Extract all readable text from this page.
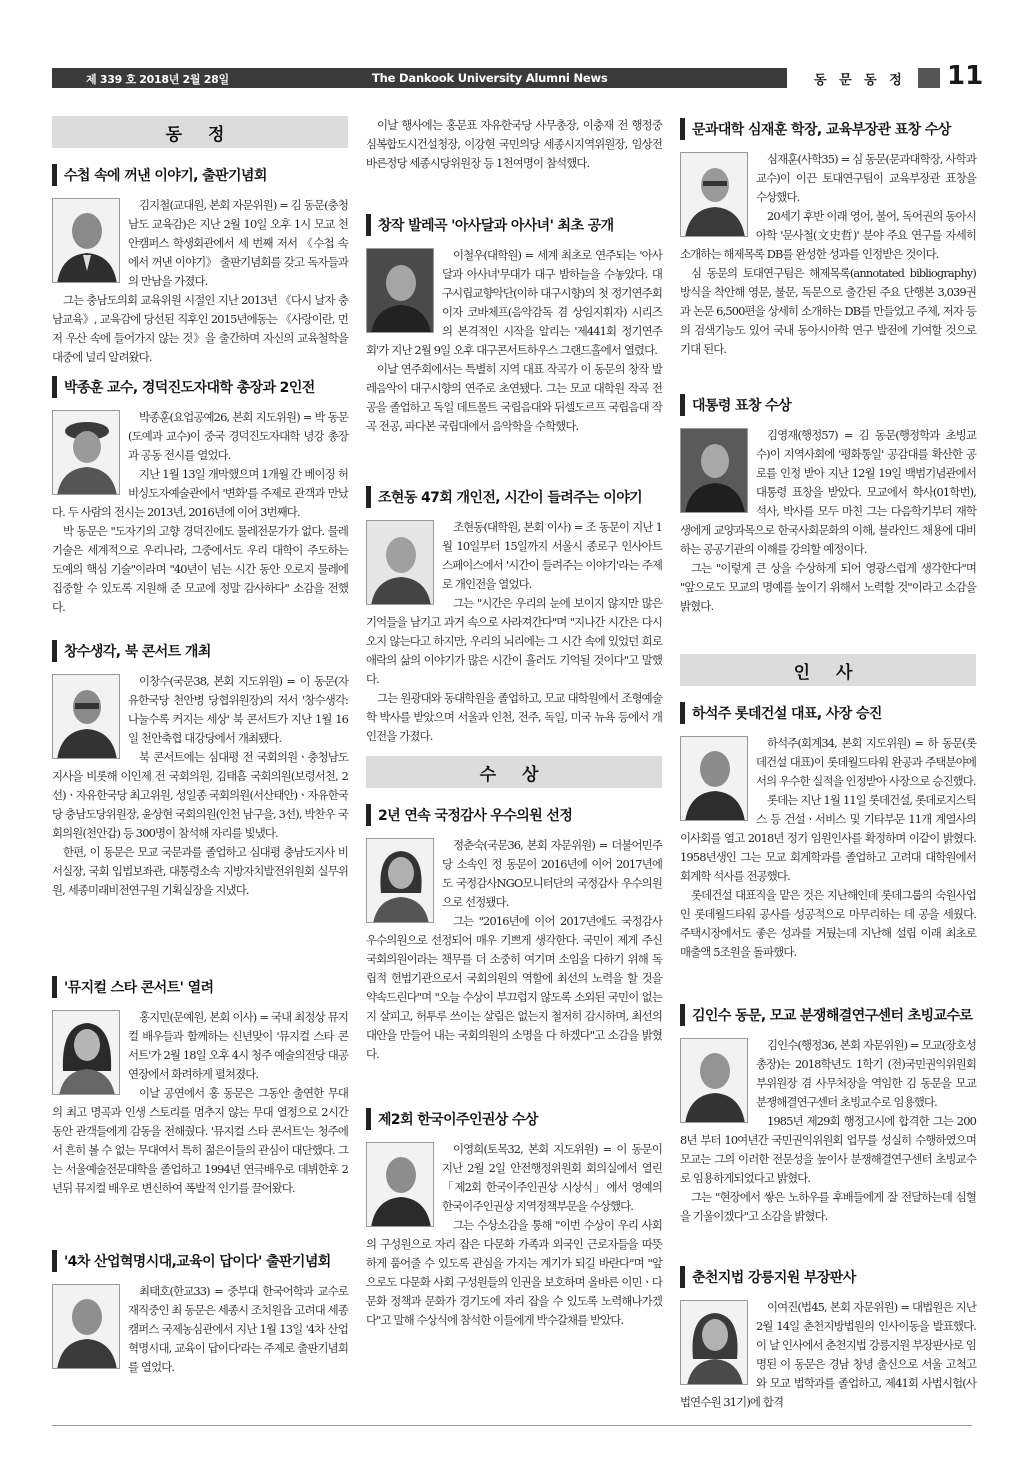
제 339 호 2018년 2월 28일	The Dankook University Alumni News	동 문 동 정 11
동 정
수첩 속에 꺼낸 이야기, 출판기념회

김지철(교대원, 본회 자문위원) = 김 동문(충청남도 교육감)은 지난 2월 10일 오후 1시 모교 천안캠퍼스 학생회관에서 세 번째 저서 《수첩 속에서 꺼낸 이야기》 출판기념회를 갖고 독자들과의 만남을 가졌다.

그는 충남도의회 교육위원 시절인 지난 2013년 《다시 날자 충남교육》, 교육감에 당선된 직후인 2015년에동는 《사랑이란, 먼저 우산 속에 들어가지 않는 것》을 출간하며 자신의 교육철학을 대중에 널리 알려왔다.

박종훈 교수, 경덕진도자대학 총장과 2인전

박종훈(요업공예26, 본회 지도위원) = 박 동문(도예과 교수)이 중국 경덕진도자대학 녕강 총장과 공동 전시를 열었다.

지난 1월 13일 개막했으며 1개월 간 베이징 허비싱도자예술관에서 '변화'를 주제로 관객과 만났다. 두 사람의 전시는 2013년, 2016년에 이어 3번째다.

박 동문은 "도자기의 고향 경덕진에도 물레전문가가 없다. 물레 기술은 세계적으로 우리나라, 그중에서도 우리 대학이 주도하는 도예의 핵심 기술"이라며 "40년이 넘는 시간 동안 오로지 물레에 집중할 수 있도록 지원해 준 모교에 정말 감사하다" 소감을 전했다.

창수생각, 북 콘서트 개최

이창수(국문38, 본회 지도위원) = 이 동문(자유한국당 천안병 당협위원장)의 저서 '창수생각:나눌수록 커지는 세상' 북 콘서트가 지난 1월 16일 천안축협 대강당에서 개최됐다.

북 콘서트에는 심대평 전 국회의원ㆍ충청남도지사을 비롯해 이인제 전 국회의원, 김태흠 국회의원(보령서천, 2선)ㆍ자유한국당 최고위원, 성일종 국회의원(서산태안)ㆍ자유한국당 충남도당위원장, 윤상현 국회의원(인천 남구을, 3선), 박찬우 국회의원(천안갑) 등 300명이 참석해 자리를 빛냈다.

한편, 이 동문은 모교 국문과를 졸업하고 심대평 충남도지사 비서실장, 국회 입법보좌관, 대통령소속 지방자치발전위원회 실무위원, 세종미래비전연구원 기획실장을 지냈다.

'뮤지컬 스타 콘서트' 열려

홍지민(문예원, 본회 이사) = 국내 최정상 뮤지컬 배우들과 함께하는 신년맞이 '뮤지컬 스타 콘서트'가 2월 18일 오후 4시 청주 예술의전당 대공연장에서 화려하게 펼쳐졌다.

이날 공연에서 홍 동문은 그동안 출연한 무대의 최고 명곡과 인생 스토리를 멈추지 않는 무대 열정으로 2시간 동안 관객들에게 감동을 전해줬다. '뮤지컬 스타 콘서트'는 청주에서 흔히 볼 수 없는 무대여서 특히 젊은이들의 관심이 대단했다. 그는 서울예술전문대학을 졸업하고 1994년 연극배우로 데뷔한후 2년뒤 뮤지컬 배우로 변신하여 폭발적 인기를 끌어왔다.

'4차 산업혁명시대,교육이 답이다' 출판기념회

최태호(한교33) = 중부대 한국어학과 교수로 재직중인 최 동문은 세종시 조치원읍 고려대 세종캠퍼스 국제농심관에서 지난 1월 13일 '4차 산업혁명시대, 교육이 답이다'라는 주제로 출판기념회를 열었다.

이날 행사에는 홍문표 자유한국당 사무총장, 이충재 전 행정중심복합도시건설청장, 이강현 국민의당 세종시지역위원장, 임상전 바른정당 세종시당위원장 등 1천여명이 참석했다.

창작 발레곡 '아사달과 아사녀' 최초 공개

이철우(대학원) = 세계 최초로 연주되는 '아사달과 아사녀'무대가 대구 밤하늘을 수놓았다. 대구시립교향악단(이하 대구시향)의 첫 정기연주회이자 코바체프(음악감독 겸 상임지휘자) 시리즈의 본격적인 시작을 알리는 '제441회 정기연주회'가 지난 2월 9일 오후 대구콘서트하우스 그랜드홀에서 열렸다.

이날 연주회에서는 특별히 지역 대표 작곡가 이 동문의 창작 발레음악이 대구시향의 연주로 초연됐다. 그는 모교 대학원 작곡 전공을 졸업하고 독일 데트몰트 국립음대와 뒤셀도르프 국립음대 작곡 전공, 파다본 국립대에서 음악학을 수학했다.

조현동 47회 개인전, 시간이 들려주는 이야기

조현동(대학원, 본회 이사) = 조 동문이 지난 1월 10일부터 15일까지 서울시 종로구 인사아트스페이스에서 '시간이 들려주는 이야기'라는 주제로 개인전을 열었다.

그는 "시간은 우리의 눈에 보이지 않지만 많은 기억들을 남기고 과거 속으로 사라져간다"며 "지나간 시간은 다시 오지 않는다고 하지만, 우리의 뇌리에는 그 시간 속에 있었던 희로애락의 삶의 이야기가 많은 시간이 흘러도 기억될 것이다"고 말했다.

그는 원광대와 동대학원을 졸업하고, 모교 대학원에서 조형예술학 박사를 받았으며 서울과 인천, 전주, 독일, 미국 뉴욕 등에서 개인전을 가졌다.

수 상
2년 연속 국정감사 우수의원 선정

정춘숙(국문36, 본회 자문위원) = 더불어민주당 소속인 정 동문이 2016년에 이어 2017년에도 국정감사NGO모니터단의 국정감사 우수의원으로 선정됐다.

그는 "2016년에 이어 2017년에도 국정감사 우수의원으로 선정되어 매우 기쁘게 생각한다. 국민이 제게 주신 국회의원이라는 책무를 더 소중히 여기며 소임을 다하기 위해 독립적 헌법기관으로서 국회의원의 역할에 최선의 노력을 할 것을 약속드린다"며 "오늘 수상이 부끄럽지 않도록 소외된 국민이 없는지 살피고, 허투루 쓰이는 살림은 없는지 철저히 감시하며, 최선의 대안을 만들어 내는 국회의원의 소명을 다 하겠다"고 소감을 밝혔다.

제2회 한국이주인권상 수상

이영희(토목32, 본회 지도위원) = 이 동문이 지난 2월 2일 안전행정위원회 회의실에서 열린「제2회 한국이주인권상 시상식」에서 영예의 한국이주인권상 지역정책부문을 수상했다.

그는 수상소감을 통해 "이번 수상이 우리 사회의 구성원으로 자리 잡은 다문화 가족과 외국인 근로자들을 따뜻하게 품어줄 수 있도록 관심을 가지는 계기가 되길 바란다"며 "앞으로도 다문화 사회 구성원들의 인권을 보호하며 올바른 이민ㆍ다문화 정책과 문화가 경기도에 자리 잡을 수 있도록 노력해나가겠다"고 말해 수상식에 참석한 이들에게 박수갈채를 받았다.

문과대학 심재훈 학장, 교육부장관 표창 수상

심재훈(사학35) = 심 동문(문과대학장, 사학과 교수)이 이끈 토대연구팀이 교육부장관 표창을 수상했다.

20세기 후반 이래 영어, 불어, 독어권의 동아시아학 '문사철(文史哲)' 분야 주요 연구를 자세히 소개하는 해제목록 DB를 완성한 성과를 인정받은 것이다.

심 동문의 토대연구팀은 해제목록(annotated bibliography) 방식을 착안해 영문, 불문, 독문으로 출간된 주요 단행본 3,039권과 논문 6,500편을 상세히 소개하는 DB를 만들었고 주제, 저자 등의 검색기능도 있어 국내 동아시아학 연구 발전에 기여할 것으로 기대 된다.

대통령 표창 수상

김영재(행정57) = 김 동문(행정학과 초빙교수)이 지역사회에 '평화통일' 공감대를 확산한 공로를 인정 받아 지난 12월 19일 백범기념관에서 대통령 표창을 받았다. 모교에서 학사(01학번), 석사, 박사를 모두 마친 그는 다음학기부터 재학생에게 교양과목으로 한국사회문화의 이해, 블라인드 채용에 대비하는 공공기관의 이해를 강의할 예정이다.

그는 "이렇게 큰 상을 수상하게 되어 영광스럽게 생각한다"며 "앞으로도 모교의 명예를 높이기 위해서 노력할 것"이라고 소감을 밝혔다.

인 사
하석주 롯데건설 대표, 사장 승진

하석주(회계34, 본회 지도위원) = 하 동문(롯데건설 대표)이 롯데월드타워 완공과 주택분야에서의 우수한 실적을 인정받아 사장으로 승진했다.

롯데는 지난 1월 11일 롯데건설, 롯데로지스틱스 등 건설ㆍ서비스 및 기타부문 11개 계열사의 이사회를 열고 2018년 정기 임원인사를 확정하며 이같이 밝혔다. 1958년생인 그는 모교 회계학과를 졸업하고 고려대 대학원에서 회계학 석사를 전공했다.

롯데건설 대표직을 맡은 것은 지난해인데 롯데그룹의 숙원사업인 롯데월드타워 공사를 성공적으로 마무리하는 데 공을 세웠다. 주택시장에서도 좋은 성과를 거뒀는데 지난해 설립 이래 최초로 매출액 5조원을 돌파했다.

김인수 동문, 모교 분쟁해결연구센터 초빙교수로

김인수(행정36, 본회 자문위원) = 모교(장호성 총장)는 2018학년도 1학기 (전)국민권익위원회 부위원장 겸 사무처장을 역임한 김 동문을 모교 분쟁해결연구센터 초빙교수로 임용했다.

1985년 제29회 행정고시에 합격한 그는 2008년 부터 10여년간 국민권익위원회 업무를 성실히 수행하였으며 모교는 그의 이러한 전문성을 높이사 분쟁해결연구센터 초빙교수로 임용하게되었다고 밝혔다.

그는 "현장에서 쌓은 노하우를 후배들에게 잘 전달하는데 심혈을 기울이겠다"고 소감을 밝혔다.

춘천지법 강릉지원 부장판사

이여진(법45, 본회 자문위원) = 대법원은 지난 2월 14일 춘천지방법원의 인사이동을 발표했다. 이 날 인사에서 춘천지법 강릉지원 부장판사로 임명된 이 동문은 경남 창녕 출신으로 서울 고척고와 모교 법학과를 졸업하고, 제41회 사법시험(사법연수원 31기)에 합격
